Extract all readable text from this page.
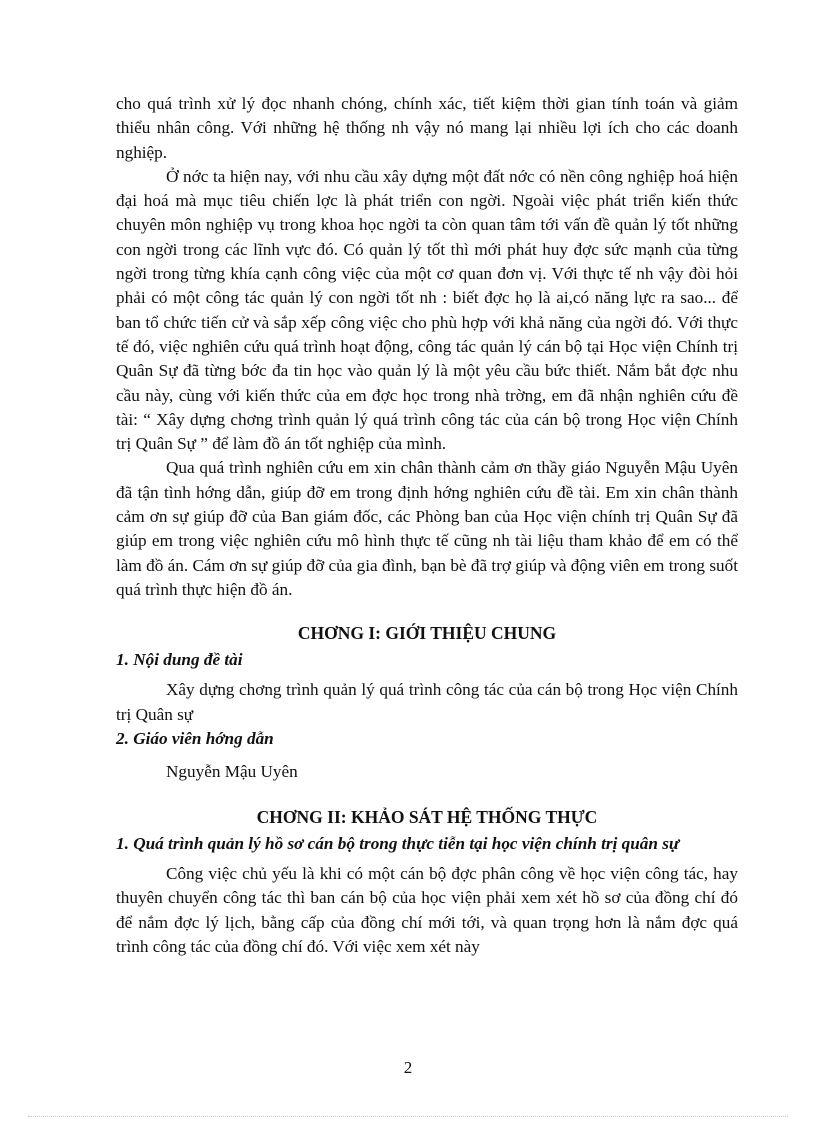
cho quá trình xử lý đọc nhanh chóng, chính xác, tiết kiệm thời gian tính toán và giảm thiểu nhân công. Với những hệ thống nh vậy nó mang lại nhiều lợi ích cho các doanh nghiệp.

Ở nớc ta hiện nay, với nhu cầu xây dựng một đất nớc có nền công nghiệp hoá hiện đại hoá mà mục tiêu chiến lợc là phát triển con ngời. Ngoài việc phát triển kiến thức chuyên môn nghiệp vụ trong khoa học ngời ta còn quan tâm tới vấn đề quản lý tốt những con ngời trong các lĩnh vực đó. Có quản lý tốt thì mới phát huy đợc sức mạnh của từng ngời trong từng khía cạnh công việc của một cơ quan đơn vị. Với thực tế nh vậy đòi hỏi phải có một công tác quản lý con ngời tốt nh : biết đợc họ là ai,có năng lực ra sao... để ban tổ chức tiến cử và sắp xếp công việc cho phù hợp với khả năng của ngời đó. Với thực tế đó, việc nghiên cứu quá trình hoạt động, công tác quản lý cán bộ tại Học viện Chính trị Quân Sự đã từng bớc đa tin học vào quản lý là một yêu cầu bức thiết. Nắm bắt đợc nhu cầu này, cùng với kiến thức của em đợc học trong nhà trờng, em đã nhận nghiên cứu đề tài: “ Xây dựng chơng trình quản lý quá trình công tác của cán bộ trong Học viện Chính trị Quân Sự ” để làm đồ án tốt nghiệp của mình.

Qua quá trình nghiên cứu em xin chân thành cảm ơn thầy giáo Nguyễn Mậu Uyên đã tận tình hớng dẫn, giúp đỡ em trong định hớng nghiên cứu đề tài. Em xin chân thành cảm ơn sự giúp đỡ của Ban giám đốc, các Phòng ban của Học viện chính trị Quân Sự đã giúp em trong việc nghiên cứu mô hình thực tế cũng nh tài liệu tham khảo để em có thể làm đồ án. Cám ơn sự giúp đỡ của gia đình, bạn bè đã trợ giúp và động viên em trong suốt quá trình thực hiện đồ án.

CHƠNG I: GIỚI THIỆU CHUNG

1. Nội dung đề tài

Xây dựng chơng trình quản lý quá trình công tác của cán bộ trong Học viện Chính trị Quân sự

2. Giáo viên hớng dẫn

Nguyễn Mậu Uyên

CHƠNG II: KHẢO SÁT HỆ THỐNG THỰC

1. Quá trình quản lý hồ sơ cán bộ trong thực tiễn tại học viện chính trị quân sự

Công việc chủ yếu là khi có một cán bộ đợc phân công về học viện công tác, hay thuyên chuyển công tác thì ban cán bộ của học viện phải xem xét hồ sơ của đồng chí đó để nắm đợc lý lịch, bằng cấp của đồng chí mới tới, và quan trọng hơn là nắm đợc quá trình công tác của đồng chí đó. Với việc xem xét này

2
